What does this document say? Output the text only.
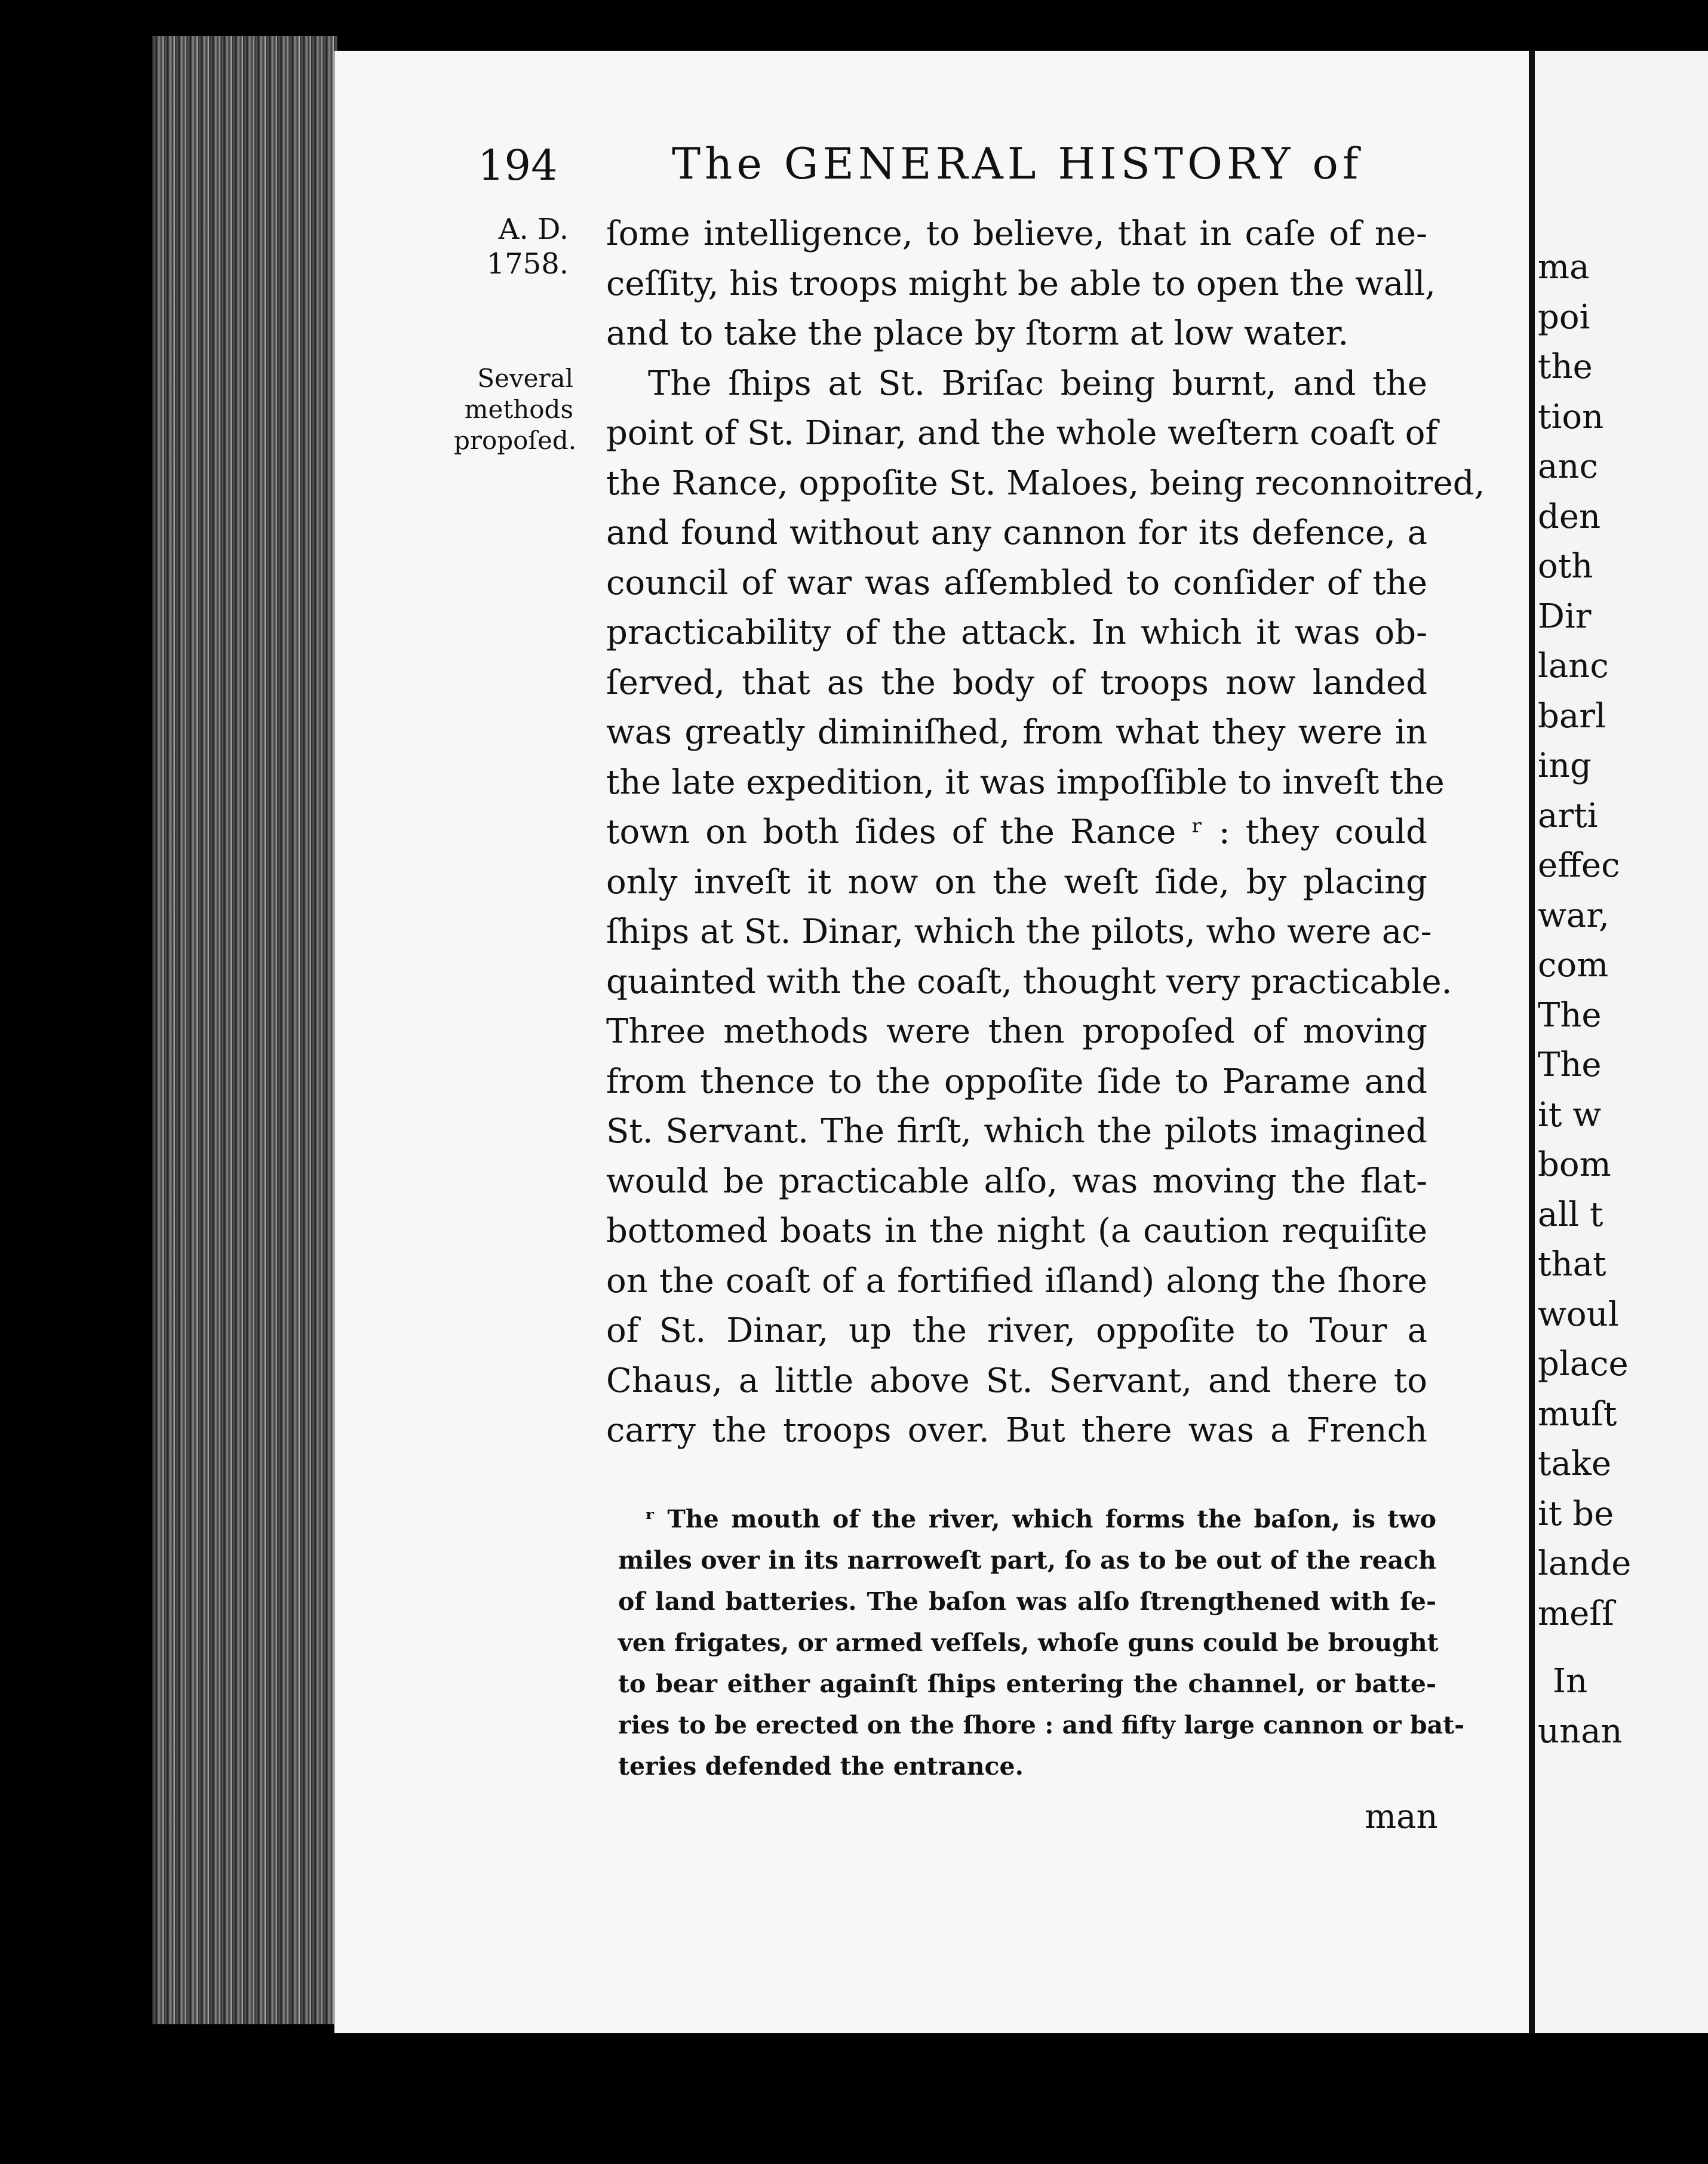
194	The GENERAL HISTORY of
A. D.
1758.
Several
methods
propoſed.
ſome intelligence, to believe, that in caſe of ne-
ceſſity, his troops might be able to open the wall,
and to take the place by ſtorm at low water.
The ſhips at St. Briſac being burnt, and the
point of St. Dinar, and the whole weſtern coaſt of
the Rance, oppoſite St. Maloes, being reconnoitred,
and found without any cannon for its defence, a
council of war was aſſembled to conſider of the
practicability of the attack. In which it was ob-
ſerved, that as the body of troops now landed
was greatly diminiſhed, from what they were in
the late expedition, it was impoſſible to inveſt the
town on both ſides of the Rance ʳ : they could
only inveſt it now on the weſt ſide, by placing
ſhips at St. Dinar, which the pilots, who were ac-
quainted with the coaſt, thought very practicable.
Three methods were then propoſed of moving
from thence to the oppoſite ſide to Parame and
St. Servant. The firſt, which the pilots imagined
would be practicable alſo, was moving the flat-
bottomed boats in the night (a caution requiſite
on the coaſt of a fortified iſland) along the ſhore
of St. Dinar, up the river, oppoſite to Tour a
Chaus, a little above St. Servant, and there to
carry the troops over. But there was a French
ʳ The mouth of the river, which forms the baſon, is two
miles over in its narroweſt part, ſo as to be out of the reach
of land batteries. The baſon was alſo ſtrengthened with ſe-
ven frigates, or armed veſſels, whoſe guns could be brought
to bear either againſt ſhips entering the channel, or batte-
ries to be erected on the ſhore : and fifty large cannon or bat-
teries defended the entrance.
man
ma
poi
the
tion
anc
den
oth
Dir
lanc
barl
ing
arti
effec
war,
com
The
The
it w
bom
all t
that
woul
place
muſt
take
it be
lande
meſſ
In
unan
